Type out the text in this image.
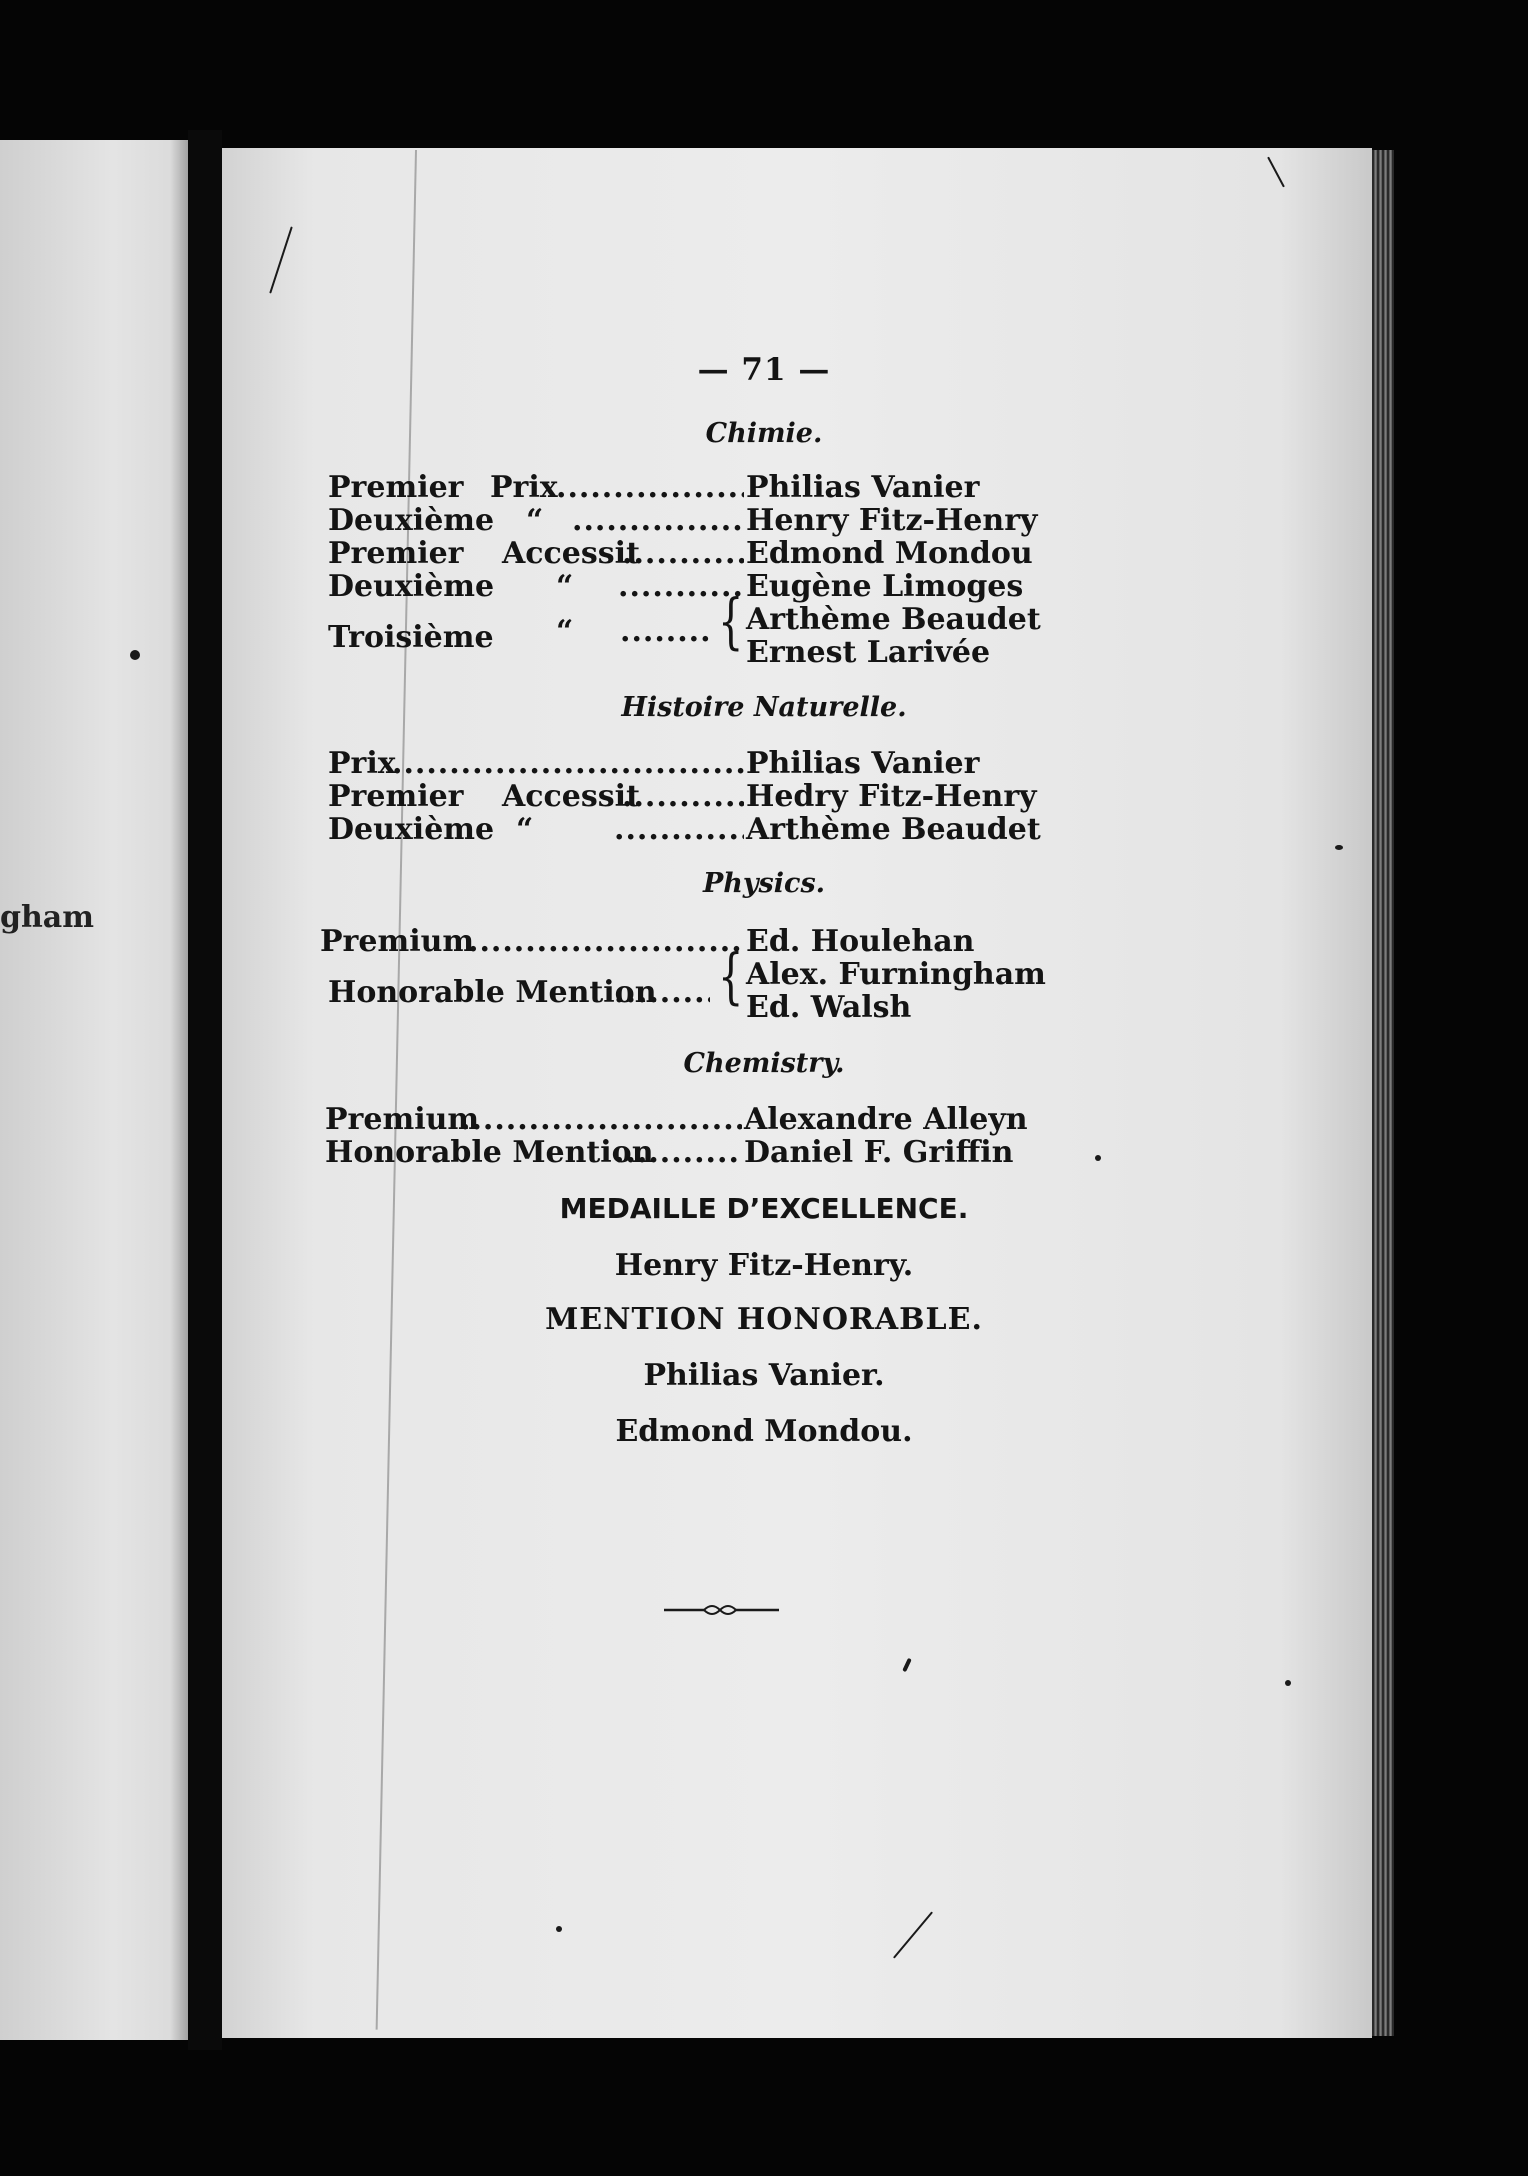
gham
— 71 —
Chimie.
Premier Prix .....	Philias Vanier
Deuxième “ .....	Henry Fitz-Henry
Premier Accessit .....	Edmond Mondou
Deuxième “ .....	Eugène Limoges
Troisième “ .....	{ Arthème Beaudet
Ernest Larivée
Histoire Naturelle.
Prix .....	Philias Vanier
Premier Accessit .....	Hedry Fitz-Henry
Deuxième “ .....	Arthème Beaudet
Physics.
Premium .....	Ed. Houlehan
Honorable Mention ..... { Alex. Furningham
Ed. Walsh
Chemistry.
Premium .....	Alexandre Alleyn
Honorable Mention .....	Daniel F. Griffin
MEDAILLE D’EXCELLENCE.
Henry Fitz-Henry.
MENTION HONORABLE.
Philias Vanier.
Edmond Mondou.
